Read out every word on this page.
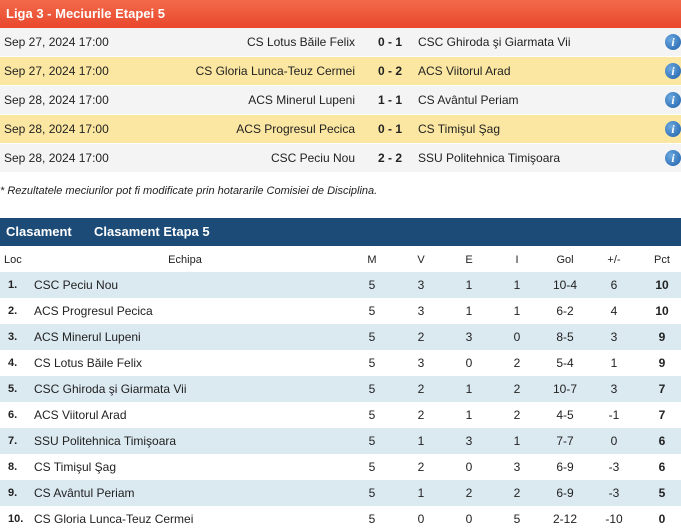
Liga 3 - Meciurile Etapei 5
Sep 27, 2024 17:00	CS Lotus Băile Felix	0 - 1	CSC Ghiroda şi Giarmata Vii	i
Sep 27, 2024 17:00	CS Gloria Lunca-Teuz Cermei	0 - 2	ACS Viitorul Arad	i
Sep 28, 2024 17:00	ACS Minerul Lupeni	1 - 1	CS Avântul Periam	i
Sep 28, 2024 17:00	ACS Progresul Pecica	0 - 1	CS Timişul Şag	i
Sep 28, 2024 17:00	CSC Peciu Nou	2 - 2	SSU Politehnica Timişoara	i
* Rezultatele meciurilor pot fi modificate prin hotararile Comisiei de Disciplina.
Clasament Clasament Etapa 5
Loc	Echipa	M	V	E	I	Gol	+/-	Pct
1.	CSC Peciu Nou	5	3	1	1	10-4	6	10
2.	ACS Progresul Pecica	5	3	1	1	6-2	4	10
3.	ACS Minerul Lupeni	5	2	3	0	8-5	3	9
4.	CS Lotus Băile Felix	5	3	0	2	5-4	1	9
5.	CSC Ghiroda şi Giarmata Vii	5	2	1	2	10-7	3	7
6.	ACS Viitorul Arad	5	2	1	2	4-5	-1	7
7.	SSU Politehnica Timişoara	5	1	3	1	7-7	0	6
8.	CS Timişul Şag	5	2	0	3	6-9	-3	6
9.	CS Avântul Periam	5	1	2	2	6-9	-3	5
10. CS Gloria Lunca-Teuz Cermei	5	0	0	5	2-12	-10	0
